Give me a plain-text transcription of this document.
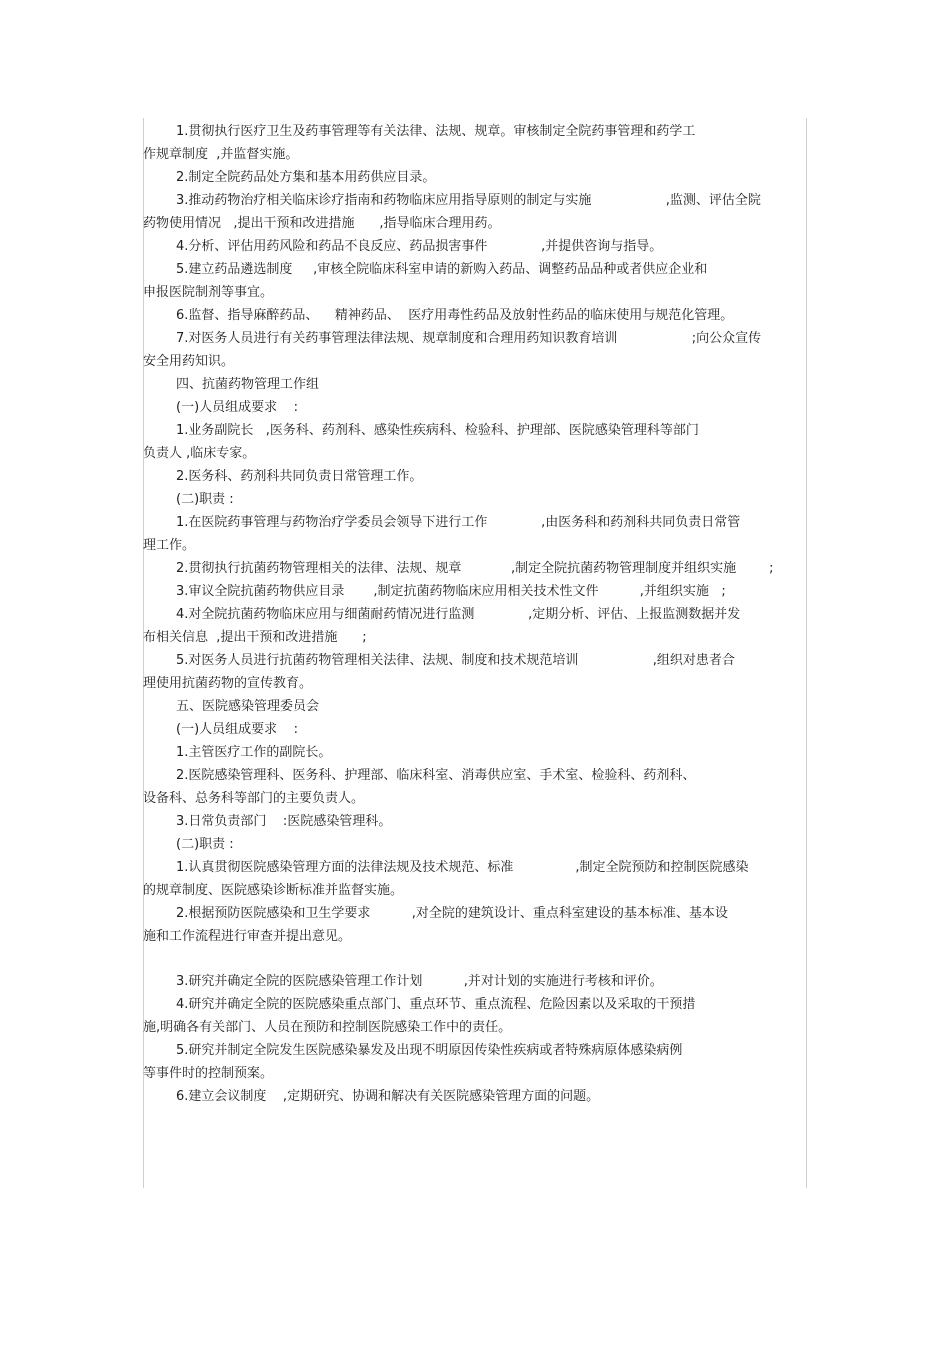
1.贯彻执行医疗卫生及药事管理等有关法律、法规、规章。审核制定全院药事管理和药学工
作规章制度  ,并监督实施。
2.制定全院药品处方集和基本用药供应目录。
3.推动药物治疗相关临床诊疗指南和药物临床应用指导原则的制定与实施                  ,监测、评估全院
药物使用情况   ,提出干预和改进措施      ,指导临床合理用药。
4.分析、评估用药风险和药品不良反应、药品损害事件             ,并提供咨询与指导。
5.建立药品遴选制度     ,审核全院临床科室申请的新购入药品、调整药品品种或者供应企业和
申报医院制剂等事宜。
6.监督、指导麻醉药品、    精神药品、  医疗用毒性药品及放射性药品的临床使用与规范化管理。
7.对医务人员进行有关药事管理法律法规、规章制度和合理用药知识教育培训                  ;向公众宣传
安全用药知识。
四、抗菌药物管理工作组
(一)人员组成要求    :
1.业务副院长   ,医务科、药剂科、感染性疾病科、检验科、护理部、医院感染管理科等部门
负责人 ,临床专家。
2.医务科、药剂科共同负责日常管理工作。
(二)职责 :
1.在医院药事管理与药物治疗学委员会领导下进行工作             ,由医务科和药剂科共同负责日常管
理工作。
2.贯彻执行抗菌药物管理相关的法律、法规、规章            ,制定全院抗菌药物管理制度并组织实施        ;
3.审议全院抗菌药物供应目录       ,制定抗菌药物临床应用相关技术性文件          ,并组织实施   ;
4.对全院抗菌药物临床应用与细菌耐药情况进行监测             ,定期分析、评估、上报监测数据并发
布相关信息  ,提出干预和改进措施      ;
5.对医务人员进行抗菌药物管理相关法律、法规、制度和技术规范培训                  ,组织对患者合
理使用抗菌药物的宣传教育。
五、医院感染管理委员会
(一)人员组成要求    :
1.主管医疗工作的副院长。
2.医院感染管理科、医务科、护理部、临床科室、消毒供应室、手术室、检验科、药剂科、
设备科、总务科等部门的主要负责人。
3.日常负责部门    :医院感染管理科。
(二)职责 :
1.认真贯彻医院感染管理方面的法律法规及技术规范、标准               ,制定全院预防和控制医院感染
的规章制度、医院感染诊断标准并监督实施。
2.根据预防医院感染和卫生学要求          ,对全院的建筑设计、重点科室建设的基本标准、基本设
施和工作流程进行审查并提出意见。
3.研究并确定全院的医院感染管理工作计划          ,并对计划的实施进行考核和评价。
4.研究并确定全院的医院感染重点部门、重点环节、重点流程、危险因素以及采取的干预措
施,明确各有关部门、人员在预防和控制医院感染工作中的责任。
5.研究并制定全院发生医院感染暴发及出现不明原因传染性疾病或者特殊病原体感染病例
等事件时的控制预案。
6.建立会议制度    ,定期研究、协调和解决有关医院感染管理方面的问题。
